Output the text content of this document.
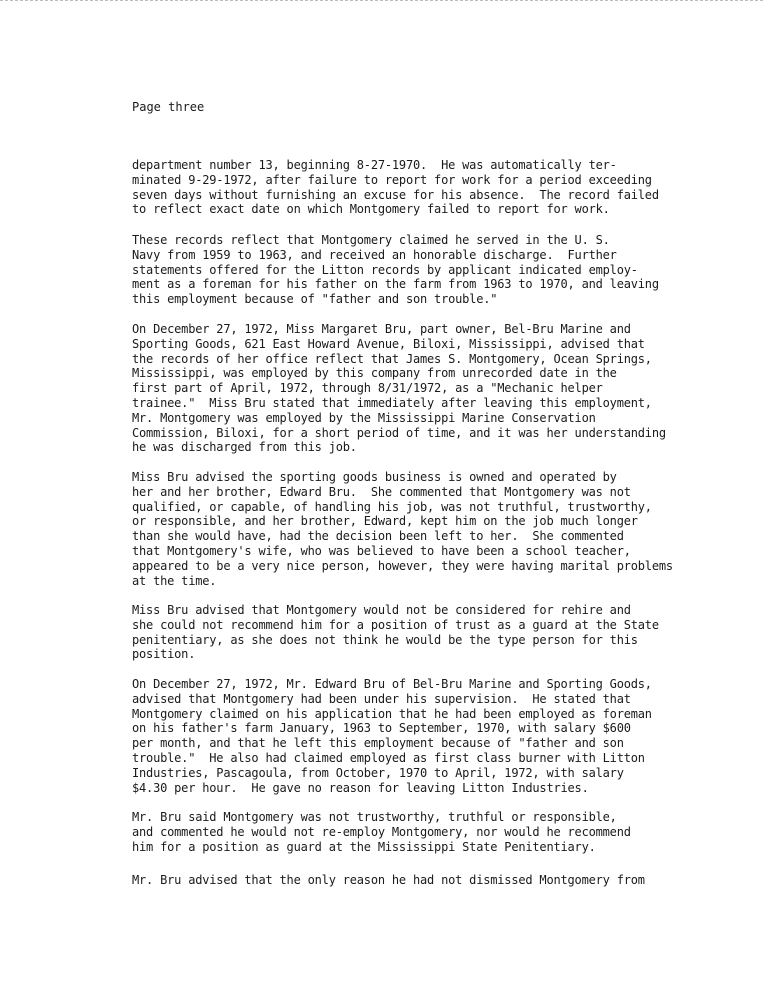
Page three
department number 13, beginning 8-27-1970.  He was automatically ter-
minated 9-29-1972, after failure to report for work for a period exceeding
seven days without furnishing an excuse for his absence.  The record failed
to reflect exact date on which Montgomery failed to report for work.
These records reflect that Montgomery claimed he served in the U. S.
Navy from 1959 to 1963, and received an honorable discharge.  Further
statements offered for the Litton records by applicant indicated employ-
ment as a foreman for his father on the farm from 1963 to 1970, and leaving
this employment because of "father and son trouble."
On December 27, 1972, Miss Margaret Bru, part owner, Bel-Bru Marine and
Sporting Goods, 621 East Howard Avenue, Biloxi, Mississippi, advised that
the records of her office reflect that James S. Montgomery, Ocean Springs,
Mississippi, was employed by this company from unrecorded date in the
first part of April, 1972, through 8/31/1972, as a "Mechanic helper
trainee."  Miss Bru stated that immediately after leaving this employment,
Mr. Montgomery was employed by the Mississippi Marine Conservation
Commission, Biloxi, for a short period of time, and it was her understanding
he was discharged from this job.
Miss Bru advised the sporting goods business is owned and operated by
her and her brother, Edward Bru.  She commented that Montgomery was not
qualified, or capable, of handling his job, was not truthful, trustworthy,
or responsible, and her brother, Edward, kept him on the job much longer
than she would have, had the decision been left to her.  She commented
that Montgomery's wife, who was believed to have been a school teacher,
appeared to be a very nice person, however, they were having marital problems
at the time.
Miss Bru advised that Montgomery would not be considered for rehire and
she could not recommend him for a position of trust as a guard at the State
penitentiary, as she does not think he would be the type person for this
position.
On December 27, 1972, Mr. Edward Bru of Bel-Bru Marine and Sporting Goods,
advised that Montgomery had been under his supervision.  He stated that
Montgomery claimed on his application that he had been employed as foreman
on his father's farm January, 1963 to September, 1970, with salary $600
per month, and that he left this employment because of "father and son
trouble."  He also had claimed employed as first class burner with Litton
Industries, Pascagoula, from October, 1970 to April, 1972, with salary
$4.30 per hour.  He gave no reason for leaving Litton Industries.
Mr. Bru said Montgomery was not trustworthy, truthful or responsible,
and commented he would not re-employ Montgomery, nor would he recommend
him for a position as guard at the Mississippi State Penitentiary.
Mr. Bru advised that the only reason he had not dismissed Montgomery from
